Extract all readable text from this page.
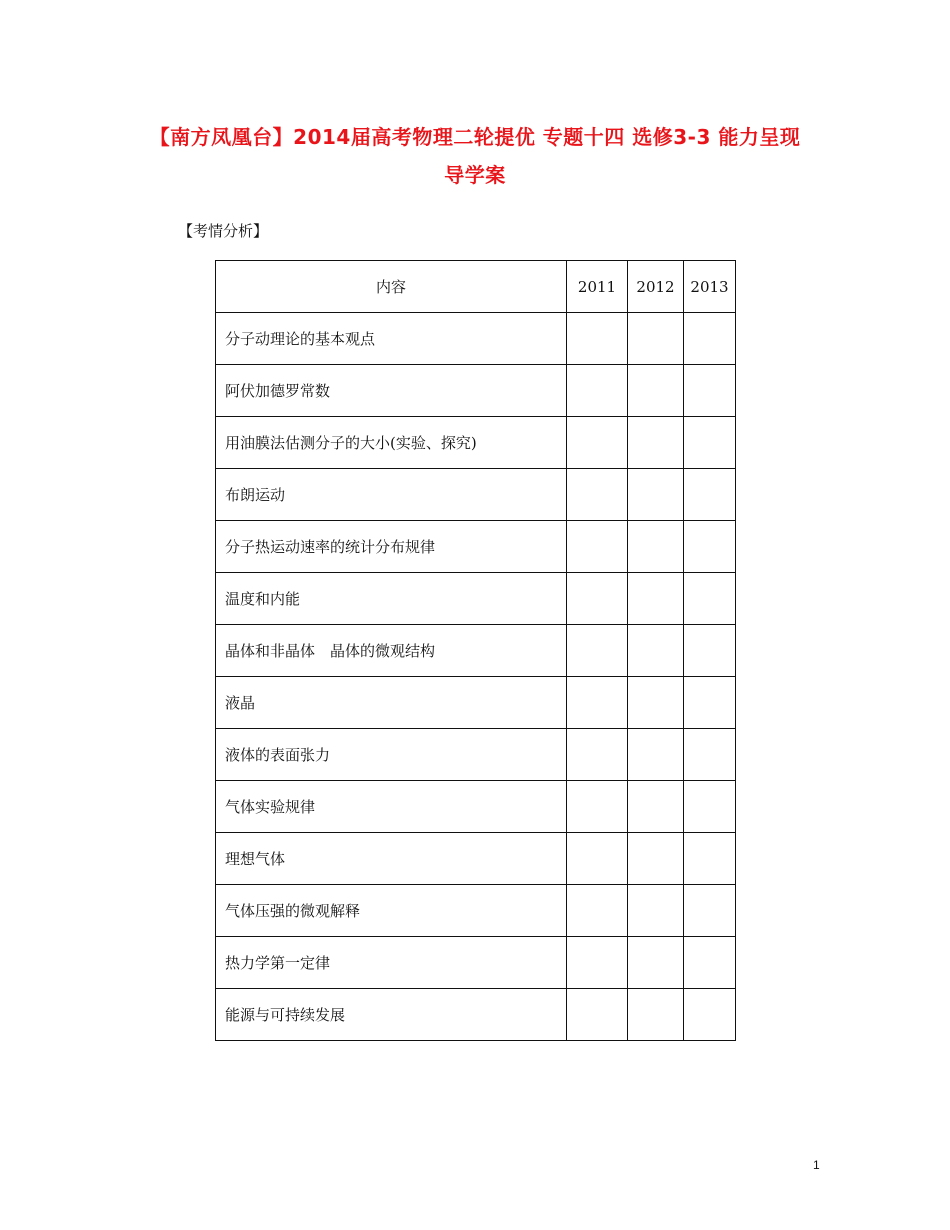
【南方凤凰台】2014届高考物理二轮提优 专题十四 选修3-3 能力呈现
导学案
【考情分析】
内容	2011	2012	2013
分子动理论的基本观点			
阿伏加德罗常数			
用油膜法估测分子的大小(实验、探究)			
布朗运动			
分子热运动速率的统计分布规律			
温度和内能			
晶体和非晶体　晶体的微观结构			
液晶			
液体的表面张力			
气体实验规律			
理想气体			
气体压强的微观解释			
热力学第一定律			
能源与可持续发展			
1
